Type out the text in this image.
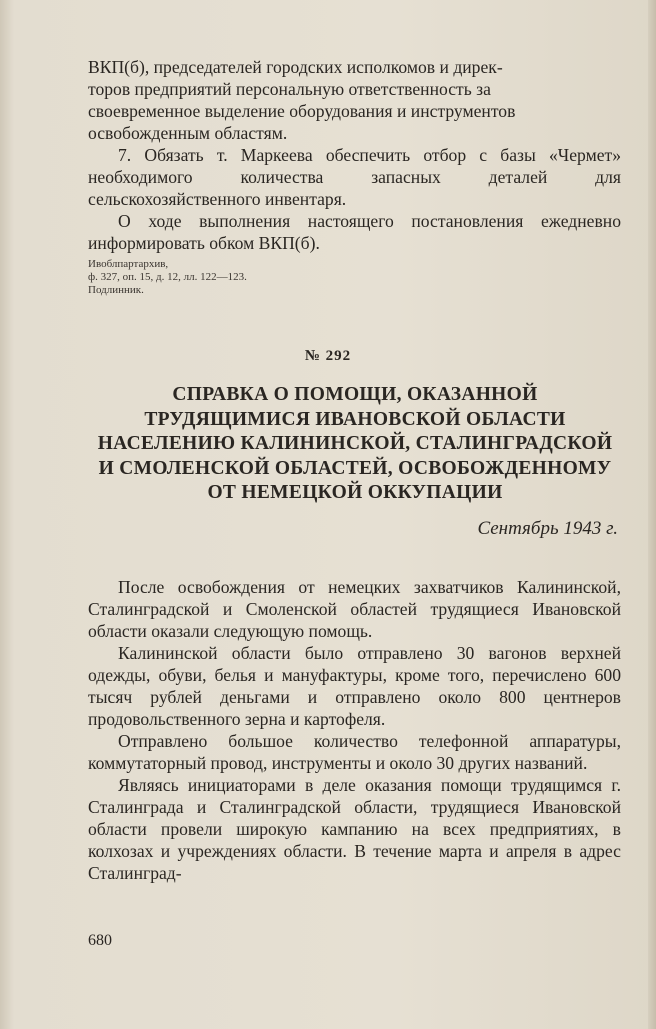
ВКП(б), председателей городских исполкомов и дирек-

торов предприятий персональную ответственность за

своевременное выделение оборудования и инструментов

освобожденным областям.

7. Обязать т. Маркеева обеспечить отбор с базы «Чермет» необходимого количества запасных деталей для сельскохозяйственного инвентаря.

О ходе выполнения настоящего постановления ежедневно информировать обком ВКП(б).

Ивоблпартархив,
ф. 327, оп. 15, д. 12, лл. 122—123.
Подлинник.
№ 292
СПРАВКА О ПОМОЩИ, ОКАЗАННОЙ
ТРУДЯЩИМИСЯ ИВАНОВСКОЙ ОБЛАСТИ
НАСЕЛЕНИЮ КАЛИНИНСКОЙ, СТАЛИНГРАДСКОЙ
И СМОЛЕНСКОЙ ОБЛАСТЕЙ, ОСВОБОЖДЕННОМУ
ОТ НЕМЕЦКОЙ ОККУПАЦИИ
Сентябрь 1943 г.

После освобождения от немецких захватчиков Калининской, Сталинградской и Смоленской областей трудящиеся Ивановской области оказали следующую помощь.

Калининской области было отправлено 30 вагонов верхней одежды, обуви, белья и мануфактуры, кроме того, перечислено 600 тысяч рублей деньгами и отправлено около 800 центнеров продовольственного зерна и картофеля.

Отправлено большое количество телефонной аппаратуры, коммутаторный провод, инструменты и около 30 других названий.

Являясь инициаторами в деле оказания помощи трудящимся г. Сталинграда и Сталинградской области, трудящиеся Ивановской области провели широкую кампанию на всех предприятиях, в колхозах и учреждениях области. В течение марта и апреля в адрес Сталинград-

680
